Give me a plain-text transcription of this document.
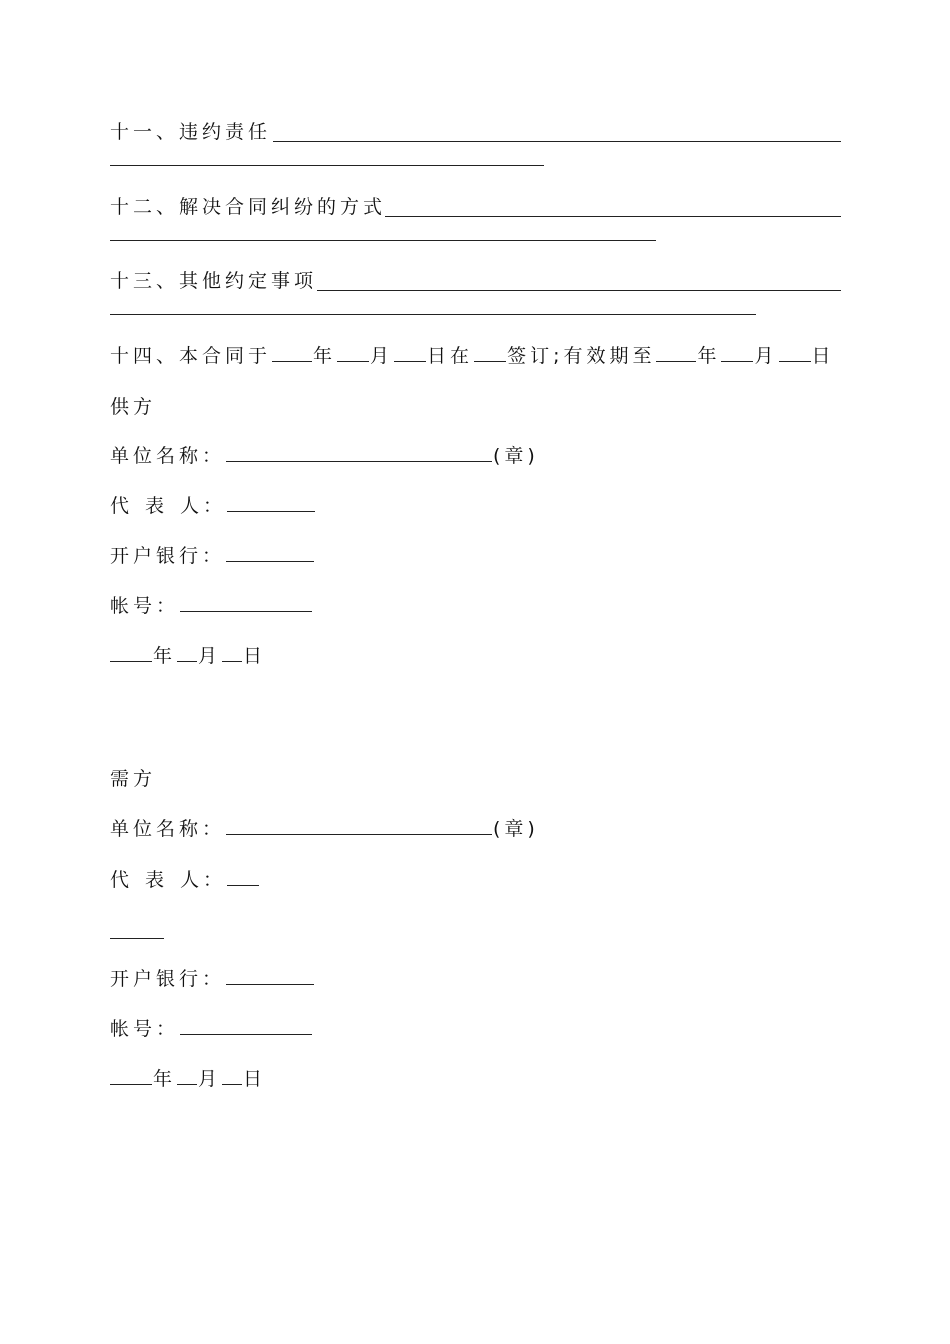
十一、违约责任
十二、解决合同纠纷的方式
十三、其他约定事项
十四、本合同于 年 月 日在 签订;有效期至 年 月 日
供方
单位名称：	(章)
代表人：
开户银行：
帐号：
年 月 日
需方
单位名称：	(章)
代表人：
开户银行：
帐号：
年 月 日
